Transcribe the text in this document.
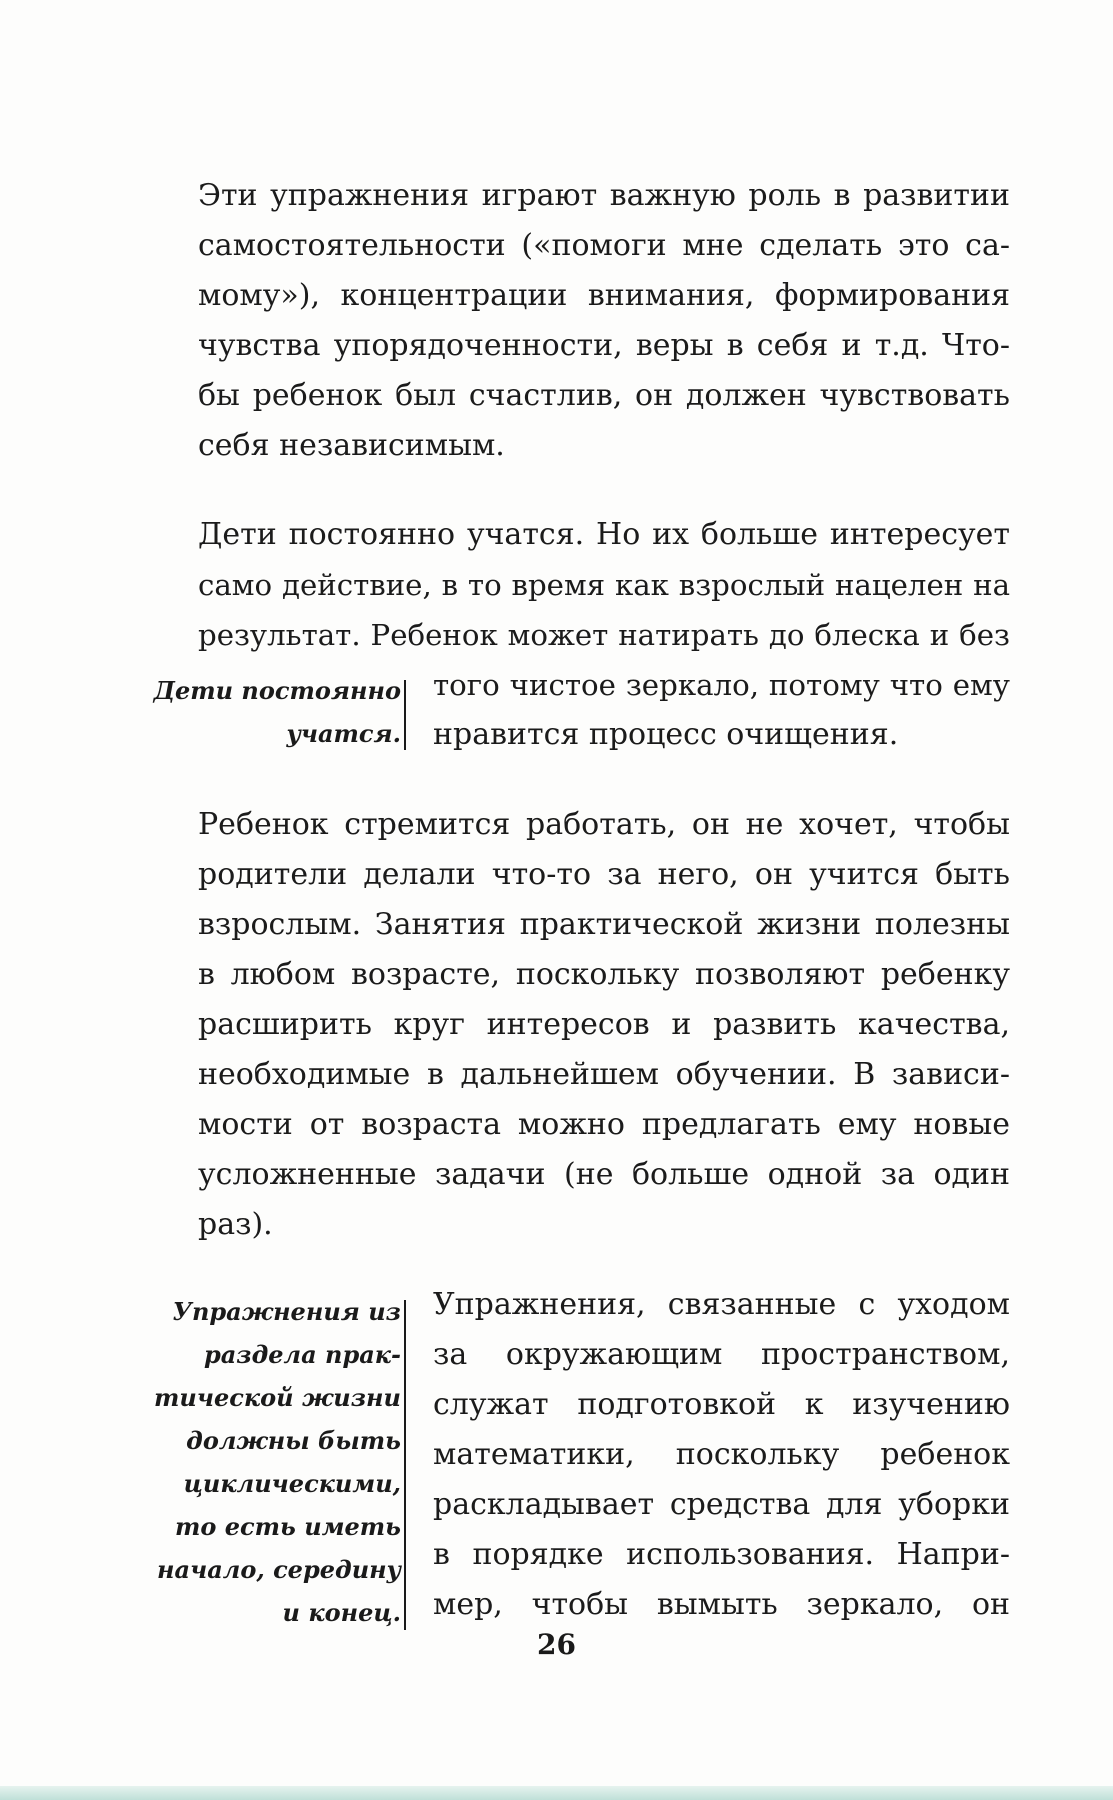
Эти упражнения играют важную роль в развитии
самостоятельности («помоги мне сделать это са-
мому»), концентрации внимания, формирования
чувства упорядоченности, веры в себя и т.д. Что-
бы ребенок был счастлив, он должен чувствовать
себя независимым.
Дети постоянно учатся. Но их больше интересует
само действие, в то время как взрослый нацелен на
результат. Ребенок может натирать до блеска и без
того чистое зеркало, потому что ему
нравится процесс очищения.
Дети постоянно
учатся.
Ребенок стремится работать, он не хочет, чтобы
родители делали что-то за него, он учится быть
взрослым. Занятия практической жизни полезны
в любом возрасте, поскольку позволяют ребенку
расширить круг интересов и развить качества,
необходимые в дальнейшем обучении. В зависи-
мости от возраста можно предлагать ему новые
усложненные задачи (не больше одной за один
раз).
Упражнения из
раздела прак-
тической жизни
должны быть
циклическими,
то есть иметь
начало, середину
и конец.
Упражнения, связанные с уходом
за окружающим пространством,
служат подготовкой к изучению
математики, поскольку ребенок
раскладывает средства для уборки
в порядке использования. Напри-
мер, чтобы вымыть зеркало, он
26
